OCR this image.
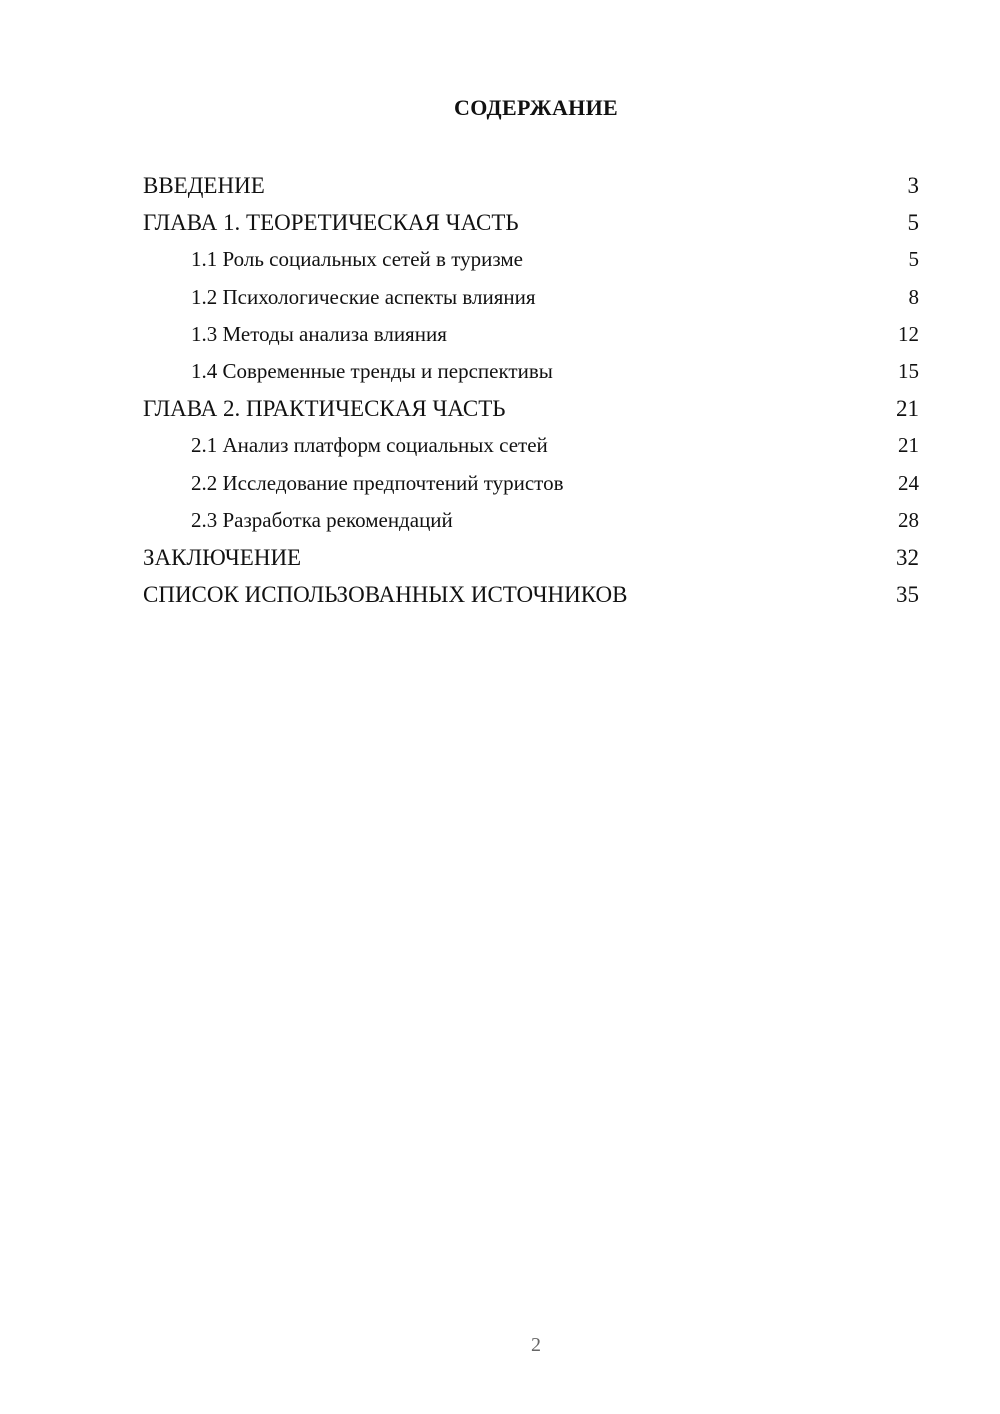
СОДЕРЖАНИЕ
ВВЕДЕНИЕ	3
ГЛАВА 1. ТЕОРЕТИЧЕСКАЯ ЧАСТЬ	5
1.1 Роль социальных сетей в туризме	5
1.2 Психологические аспекты влияния	8
1.3 Методы анализа влияния	12
1.4 Современные тренды и перспективы	15
ГЛАВА 2. ПРАКТИЧЕСКАЯ ЧАСТЬ	21
2.1 Анализ платформ социальных сетей	21
2.2 Исследование предпочтений туристов	24
2.3 Разработка рекомендаций	28
ЗАКЛЮЧЕНИЕ	32
СПИСОК ИСПОЛЬЗОВАННЫХ ИСТОЧНИКОВ	35
2
